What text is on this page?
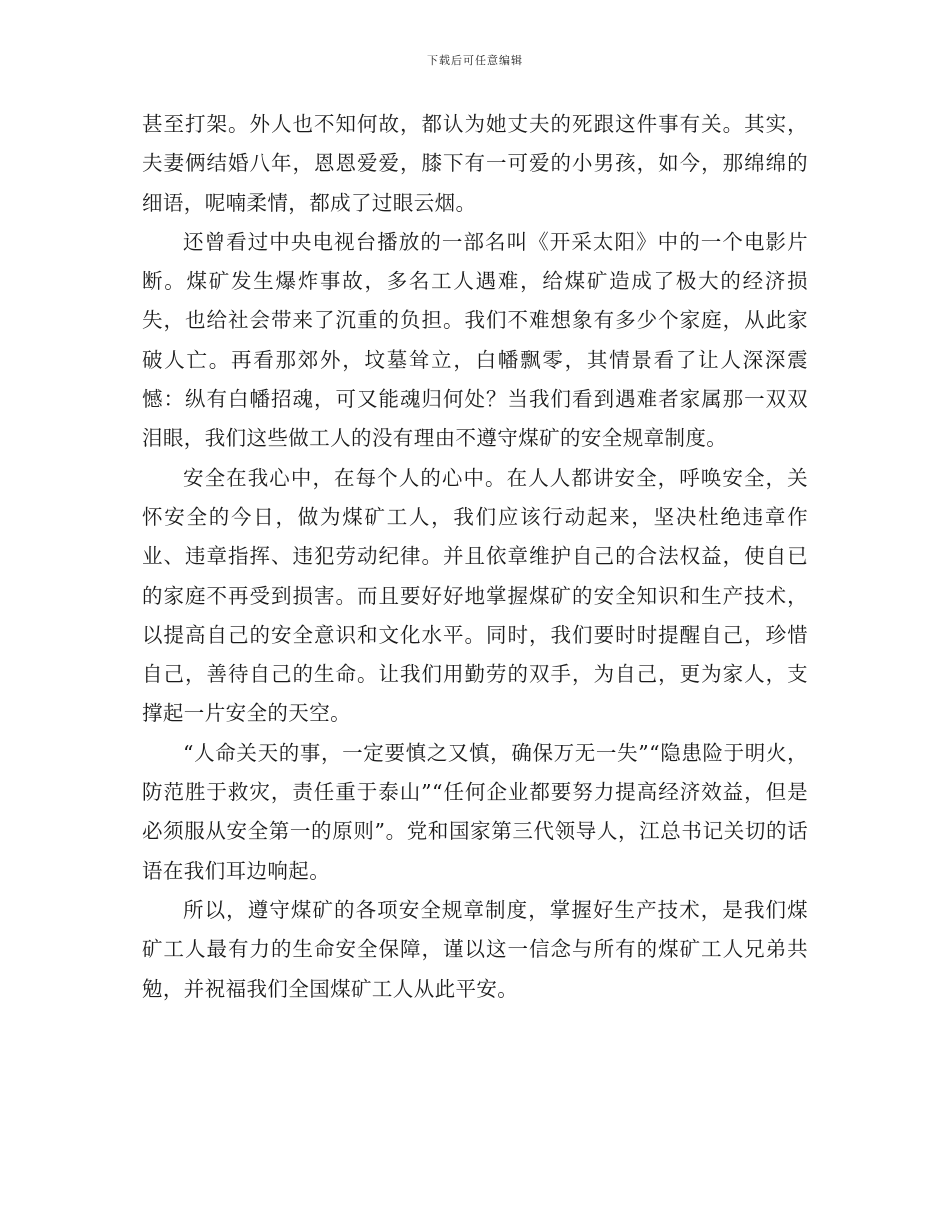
下载后可任意编辑

甚至打架。外人也不知何故，都认为她丈夫的死跟这件事有关。其实，夫妻俩结婚八年，恩恩爱爱，膝下有一可爱的小男孩，如今，那绵绵的细语，呢喃柔情，都成了过眼云烟。

还曾看过中央电视台播放的一部名叫《开采太阳》中的一个电影片断。煤矿发生爆炸事故，多名工人遇难，给煤矿造成了极大的经济损失，也给社会带来了沉重的负担。我们不难想象有多少个家庭，从此家破人亡。再看那郊外，坟墓耸立，白幡飘零，其情景看了让人深深震憾：纵有白幡招魂，可又能魂归何处？当我们看到遇难者家属那一双双泪眼，我们这些做工人的没有理由不遵守煤矿的安全规章制度。

安全在我心中，在每个人的心中。在人人都讲安全，呼唤安全，关怀安全的今日，做为煤矿工人，我们应该行动起来，坚决杜绝违章作业、违章指挥、违犯劳动纪律。并且依章维护自己的合法权益，使自已的家庭不再受到损害。而且要好好地掌握煤矿的安全知识和生产技术，以提高自己的安全意识和文化水平。同时，我们要时时提醒自己，珍惜自己，善待自己的生命。让我们用勤劳的双手，为自己，更为家人，支撑起一片安全的天空。

“人命关天的事，一定要慎之又慎，确保万无一失”“隐患险于明火，防范胜于救灾，责任重于泰山”“任何企业都要努力提高经济效益，但是必须服从安全第一的原则”。党和国家第三代领导人，江总书记关切的话语在我们耳边响起。

所以，遵守煤矿的各项安全规章制度，掌握好生产技术，是我们煤矿工人最有力的生命安全保障，谨以这一信念与所有的煤矿工人兄弟共勉，并祝福我们全国煤矿工人从此平安。
